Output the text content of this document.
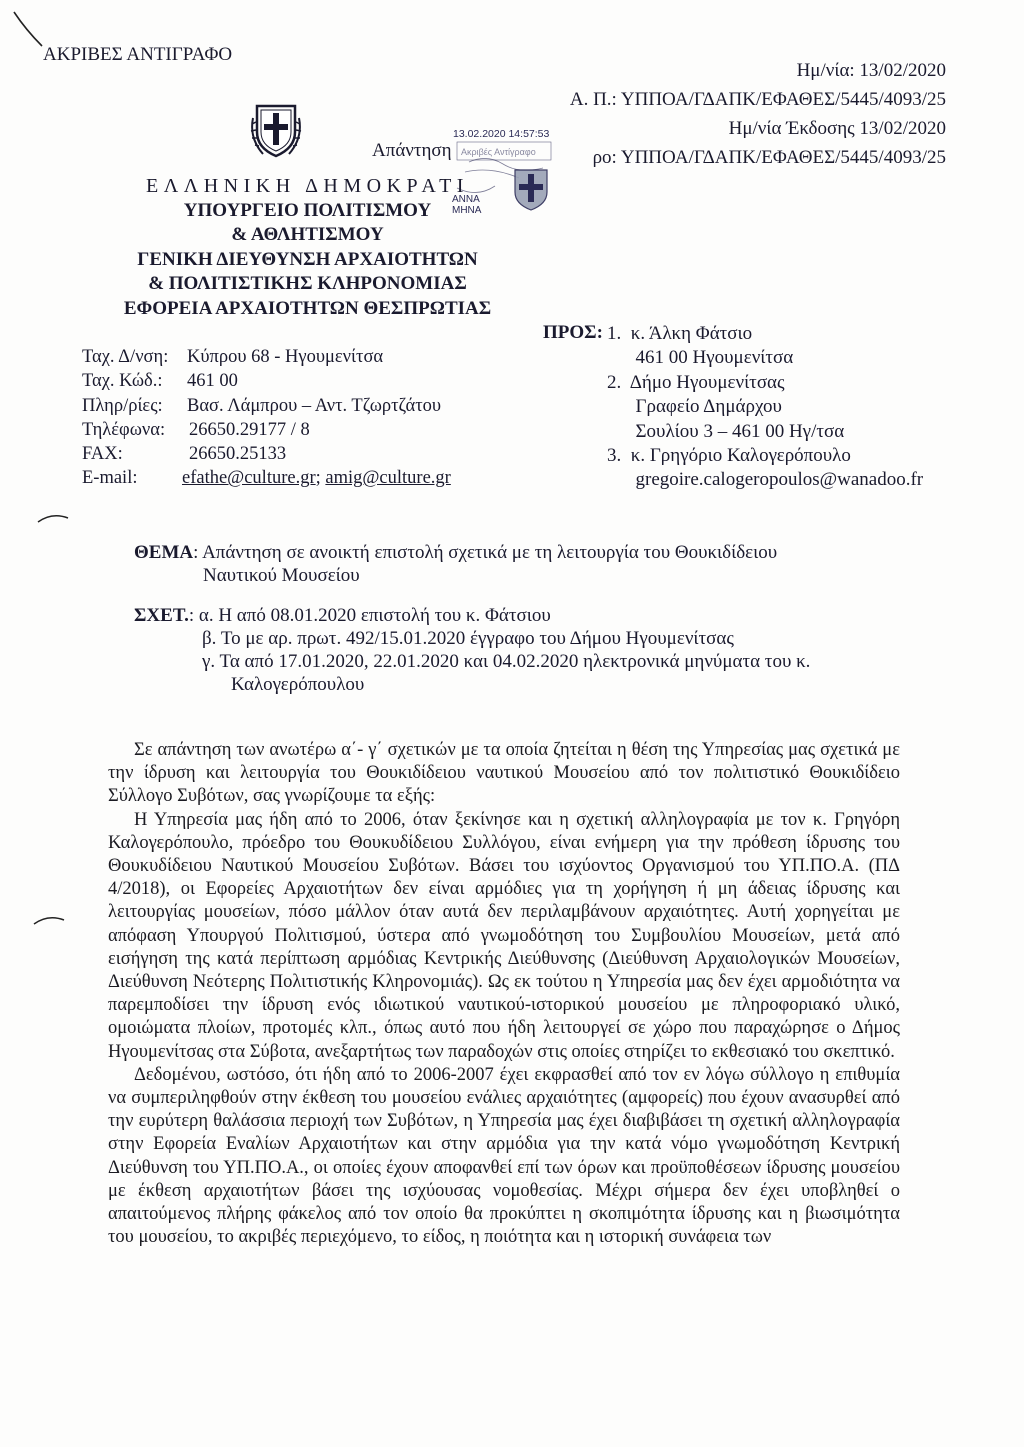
ΑΚΡΙΒΕΣ ΑΝΤΙΓΡΑΦΟ
Ημ/νία: 13/02/2020
Α. Π.: ΥΠΠΟΑ/ΓΔΑΠΚ/ΕΦΑΘΕΣ/5445/4093/25
Ημ/νία Έκδοσης 13/02/2020
ρο: ΥΠΠΟΑ/ΓΔΑΠΚ/ΕΦΑΘΕΣ/5445/4093/25
Απάντηση Ακριβές Αντίγραφο
13.02.2020 14:57:53
ΑΝΝΑ ΜΗΝΑ
ΕΛΛΗΝΙΚΗ ΔΗΜΟΚΡΑΤΙ
ΥΠΟΥΡΓΕΙΟ ΠΟΛΙΤΙΣΜΟΥ
& ΑΘΛΗΤΙΣΜΟΥ
ΓΕΝΙΚΗ ΔΙΕΥΘΥΝΣΗ ΑΡΧΑΙΟΤΗΤΩΝ
& ΠΟΛΙΤΙΣΤΙΚΗΣ ΚΛΗΡΟΝΟΜΙΑΣ
ΕΦΟΡΕΙΑ ΑΡΧΑΙΟΤΗΤΩΝ ΘΕΣΠΡΩΤΙΑΣ
ΠΡΟΣ: 1.  κ. Άλκη Φάτσιο
461 00 Ηγουμενίτσα
2.  Δήμο Ηγουμενίτσας
Γραφείο Δημάρχου
Σουλίου 3 – 461 00 Ηγ/τσα
3.  κ. Γρηγόριο Καλογερόπουλο
gregoire.calogeropoulos@wanadoo.fr
Ταχ. Δ/νση:	Κύπρου 68 - Ηγουμενίτσα
Ταχ. Κώδ.:	461 00
Πληρ/ρίες:	Βασ. Λάμπρου – Αντ. Τζωρτζάτου
Τηλέφωνα:	26650.29177 / 8
FAX:	26650.25133
E-mail:	efathe@culture.gr; amig@culture.gr
ΘΕΜΑ: Απάντηση σε ανοικτή επιστολή σχετικά με τη λειτουργία του Θουκιδίδειου
Ναυτικού Μουσείου
ΣΧΕΤ.: α. Η από 08.01.2020 επιστολή του κ. Φάτσιου
β. Το με αρ. πρωτ. 492/15.01.2020 έγγραφο του Δήμου Ηγουμενίτσας
γ. Τα από 17.01.2020, 22.01.2020 και 04.02.2020 ηλεκτρονικά μηνύματα του κ.
Καλογερόπουλου

Σε απάντηση των ανωτέρω α΄- γ΄ σχετικών με τα οποία ζητείται η θέση της Υπηρεσίας μας σχετικά με την ίδρυση και λειτουργία του Θουκιδίδειου ναυτικού Μουσείου από τον πολιτιστικό Θουκιδίδειο Σύλλογο Συβότων, σας γνωρίζουμε τα εξής:

Η Υπηρεσία μας ήδη από το 2006, όταν ξεκίνησε και η σχετική αλληλογραφία με τον κ. Γρηγόρη Καλογερόπουλο, πρόεδρο του Θουκυδίδειου Συλλόγου, είναι ενήμερη για την πρόθεση ίδρυσης του Θουκυδίδειου Ναυτικού Μουσείου Συβότων. Βάσει του ισχύοντος Οργανισμού του ΥΠ.ΠΟ.Α. (ΠΔ 4/2018), οι Εφορείες Αρχαιοτήτων δεν είναι αρμόδιες για τη χορήγηση ή μη άδειας ίδρυσης και λειτουργίας μουσείων, πόσο μάλλον όταν αυτά δεν περιλαμβάνουν αρχαιότητες. Αυτή χορηγείται με απόφαση Υπουργού Πολιτισμού, ύστερα από γνωμοδότηση του Συμβουλίου Μουσείων, μετά από εισήγηση της κατά περίπτωση αρμόδιας Κεντρικής Διεύθυνσης (Διεύθυνση Αρχαιολογικών Μουσείων, Διεύθυνση Νεότερης Πολιτιστικής Κληρονομιάς). Ως εκ τούτου η Υπηρεσία μας δεν έχει αρμοδιότητα να παρεμποδίσει την ίδρυση ενός ιδιωτικού ναυτικού-ιστορικού μουσείου με πληροφοριακό υλικό, ομοιώματα πλοίων, προτομές κλπ., όπως αυτό που ήδη λειτουργεί σε χώρο που παραχώρησε ο Δήμος Ηγουμενίτσας στα Σύβοτα, ανεξαρτήτως των παραδοχών στις οποίες στηρίζει το εκθεσιακό του σκεπτικό.

Δεδομένου, ωστόσο, ότι ήδη από το 2006-2007 έχει εκφρασθεί από τον εν λόγω σύλλογο η επιθυμία να συμπεριληφθούν στην έκθεση του μουσείου ενάλιες αρχαιότητες (αμφορείς) που έχουν ανασυρθεί από την ευρύτερη θαλάσσια περιοχή των Συβότων, η Υπηρεσία μας έχει διαβιβάσει τη σχετική αλληλογραφία στην Εφορεία Εναλίων Αρχαιοτήτων και στην αρμόδια για την κατά νόμο γνωμοδότηση Κεντρική Διεύθυνση του ΥΠ.ΠΟ.Α., οι οποίες έχουν αποφανθεί επί των όρων και προϋποθέσεων ίδρυσης μουσείου με έκθεση αρχαιοτήτων βάσει της ισχύουσας νομοθεσίας. Μέχρι σήμερα δεν έχει υποβληθεί ο απαιτούμενος πλήρης φάκελος από τον οποίο θα προκύπτει η σκοπιμότητα ίδρυσης και η βιωσιμότητα του μουσείου, το ακριβές περιεχόμενο, το είδος, η ποιότητα και η ιστορική συνάφεια των
